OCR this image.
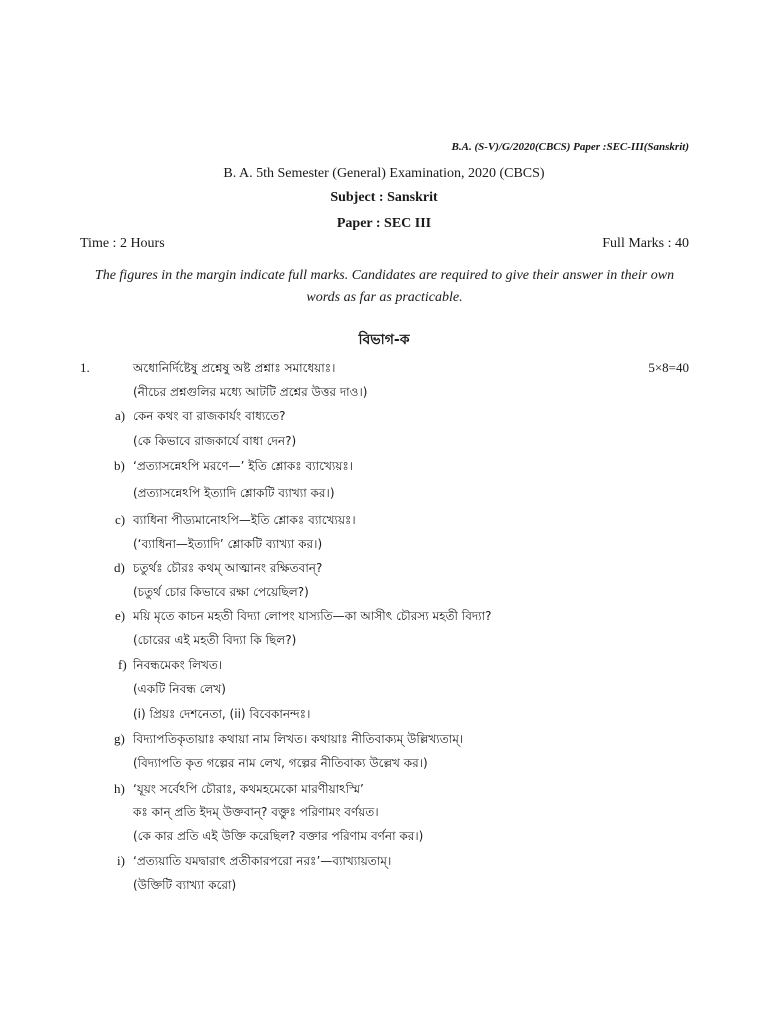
B.A. (S-V)/G/2020(CBCS) Paper :SEC-III(Sanskrit)
B. A. 5th Semester (General) Examination, 2020 (CBCS)
Subject : Sanskrit
Paper : SEC III
Time : 2 Hours	Full Marks : 40
The figures in the margin indicate full marks. Candidates are required to give their answer in their own words as far as practicable.
বিভাগ-ক
1.	5×8=40
অধোনির্দিষ্টেষু প্রশ্নেষু অষ্ট প্রশ্নাঃ সমাধেয়াঃ।
(নীচের প্রশ্নগুলির মধ্যে আটটি প্রশ্নের উত্তর দাও।)
a) কেন কথং বা রাজকার্যং বাধ্যতে?
(কে কিভাবে রাজকার্যে বাধা দেন?)
b) ‘প্রত্যাসন্নেঽপি মরণে—’ ইতি শ্লোকঃ ব্যাখ্যেয়ঃ।
(প্রত্যাসন্নেঽপি ইত্যাদি শ্লোকটি ব্যাখ্যা কর।)
c) ব্যাধিনা পীড্যমানোঽপি—ইতি শ্লোকঃ ব্যাখ্যেয়ঃ।
(‘ব্যাধিনা—ইত্যাদি’ শ্লোকটি ব্যাখ্যা কর।)
d) চতুর্থঃ চৌরঃ কথম্ আত্মানং রক্ষিতবান্?
(চতুর্থ চোর কিভাবে রক্ষা পেয়েছিল?)
e) ময়ি মৃতে কাচন মহতী বিদ্যা লোপং যাস্যতি—কা আসীৎ চৌরস্য মহতী বিদ্যা?
(চোরের এই মহতী বিদ্যা কি ছিল?)
f) নিবন্ধমেকং লিখত।
(একটি নিবন্ধ লেখ)
(i) প্রিয়ঃ দেশনেতা, (ii) বিবেকানন্দঃ।
g) বিদ্যাপতিকৃতায়াঃ কথায়া নাম লিখত। কথায়াঃ নীতিবাক্যম্ উল্লিখ্যতাম্।
(বিদ্যাপতি কৃত গল্পের নাম লেখ, গল্পের নীতিবাক্য উল্লেখ কর।)
h) ‘যূয়ং সর্বেঽপি চৌরাঃ, কথমহমেকো মারণীয়াঽস্মি’
কঃ কান্ প্রতি ইদম্ উক্তবান্? বক্তুঃ পরিণামং বর্ণয়ত।
(কে কার প্রতি এই উক্তি করেছিল? বক্তার পরিণাম বর্ণনা কর।)
i) ‘প্রত্যয়াতি যমদ্বারাৎ প্রতীকারপরো নরঃ’—ব্যাখ্যায়তাম্।
(উক্তিটি ব্যাখ্যা করো)
